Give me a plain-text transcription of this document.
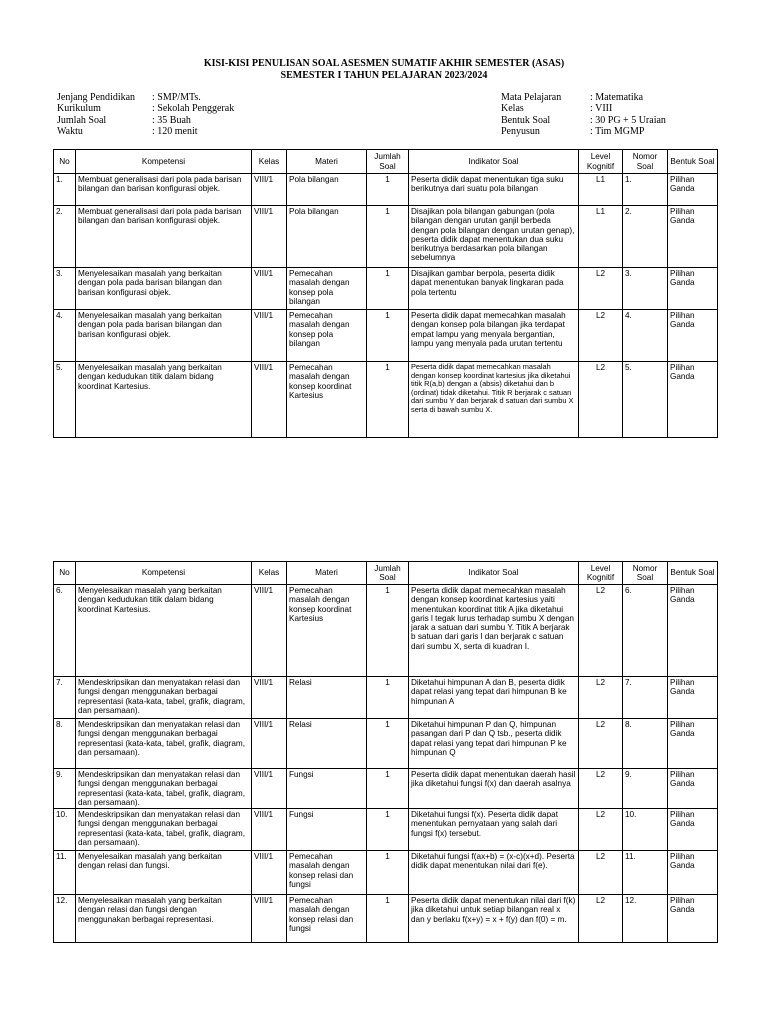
KISI-KISI PENULISAN SOAL ASESMEN SUMATIF AKHIR SEMESTER (ASAS)
SEMESTER I TAHUN PELAJARAN 2023/2024
Jenjang Pendidikan	: SMP/MTs.
Kurikulum	: Sekolah Penggerak
Jumlah Soal	: 35 Buah
Waktu	: 120 menit
Mata Pelajaran	: Matematika
Kelas	: VIII
Bentuk Soal	: 30 PG + 5 Uraian
Penyusun	: Tim MGMP
No	Kompetensi	Kelas	Materi	Jumlah Soal	Indikator Soal	Level Kognitif	Nomor Soal	Bentuk Soal
1.	Membuat generalisasi dari pola pada barisan bilangan dan barisan konfigurasi objek.	VIII/1	Pola bilangan	1	Peserta didik dapat menentukan tiga suku berikutnya dari suatu pola bilangan	L1	1.	Pilihan Ganda
2.	Membuat generalisasi dari pola pada barisan bilangan dan barisan konfigurasi objek.	VIII/1	Pola bilangan	1	Disajikan pola bilangan gabungan (pola bilangan dengan urutan ganjil berbeda dengan pola bilangan dengan urutan genap), peserta didik dapat menentukan dua suku berikutnya berdasarkan pola bilangan sebelumnya	L1	2.	Pilihan Ganda
3.	Menyelesaikan masalah yang berkaitan dengan pola pada barisan bilangan dan barisan konfigurasi objek.	VIII/1	Pemecahan masalah dengan konsep pola bilangan	1	Disajikan gambar berpola, peserta didik dapat menentukan banyak lingkaran pada pola tertentu	L2	3.	Pilihan Ganda
4.	Menyelesaikan masalah yang berkaitan dengan pola pada barisan bilangan dan barisan konfigurasi objek.	VIII/1	Pemecahan masalah dengan konsep pola bilangan	1	Peserta didik dapat memecahkan masalah dengan konsep pola bilangan jika terdapat empat lampu yang menyala bergantian, lampu yang menyala pada urutan tertentu	L2	4.	Pilihan Ganda
5.	Menyelesaikan masalah yang berkaitan dengan kedudukan titik dalam bidang koordinat Kartesius.	VIII/1	Pemecahan masalah dengan konsep koordinat Kartesius	1	Peserta didik dapat memecahkan masalah dengan konsep koordinat kartesius jika diketahui titik R(a,b) dengan a (absis) diketahui dan b (ordinat) tidak diketahui. Titik R berjarak c satuan dari sumbu Y dan berjarak d satuan dari sumbu X serta di bawah sumbu X.	L2	5.	Pilihan Ganda
No	Kompetensi	Kelas	Materi	Jumlah Soal	Indikator Soal	Level Kognitif	Nomor Soal	Bentuk Soal
6.	Menyelesaikan masalah yang berkaitan dengan kedudukan titik dalam bidang koordinat Kartesius.	VIII/1	Pemecahan masalah dengan konsep koordinat Kartesius	1	Peserta didik dapat memecahkan masalah dengan konsep koordinat kartesius yaiti menentukan koordinat titik A jika diketahui garis l tegak lurus terhadap sumbu X dengan jarak a satuan dari sumbu Y. Titik A berjarak b satuan dari garis l dan berjarak c satuan dari sumbu X, serta di kuadran I.	L2	6.	Pilihan Ganda
7.	Mendeskripsikan dan menyatakan relasi dan fungsi dengan menggunakan berbagai representasi (kata-kata, tabel, grafik, diagram, dan persamaan).	VIII/1	Relasi	1	Diketahui himpunan A dan B, peserta didik dapat relasi yang tepat dari himpunan B ke himpunan A	L2	7.	Pilihan Ganda
8.	Mendeskripsikan dan menyatakan relasi dan fungsi dengan menggunakan berbagai representasi (kata-kata, tabel, grafik, diagram, dan persamaan).	VIII/1	Relasi	1	Diketahui himpunan P dan Q, himpunan pasangan dari P dan Q tsb., peserta didik dapat relasi yang tepat dari himpunan P ke himpunan Q	L2	8.	Pilihan Ganda
9.	Mendeskripsikan dan menyatakan relasi dan fungsi dengan menggunakan berbagai representasi (kata-kata, tabel, grafik, diagram, dan persamaan).	VIII/1	Fungsi	1	Peserta didik dapat menentukan daerah hasil jika diketahui fungsi f(x) dan daerah asalnya	L2	9.	Pilihan Ganda
10.	Mendeskripsikan dan menyatakan relasi dan fungsi dengan menggunakan berbagai representasi (kata-kata, tabel, grafik, diagram, dan persamaan).	VIII/1	Fungsi	1	Diketahui fungsi f(x). Peserta didik dapat menentukan pernyataan yang salah dari fungsi f(x) tersebut.	L2	10.	Pilihan Ganda
11.	Menyelesaikan masalah yang berkaitan dengan relasi dan fungsi.	VIII/1	Pemecahan masalah dengan konsep relasi dan fungsi	1	Diketahui fungsi f(ax+b) = (x-c)(x+d). Peserta didik dapat menentukan nilai dari f(e).	L2	11.	Pilihan Ganda
12.	Menyelesaikan masalah yang berkaitan dengan relasi dan fungsi dengan menggunakan berbagai representasi.	VIII/1	Pemecahan masalah dengan konsep relasi dan fungsi	1	Peserta didik dapat menentukan nilai dari f(k) jika diketahui untuk setiap bilangan real x dan y berlaku f(x+y) = x + f(y) dan f(0) = m.	L2	12.	Pilihan Ganda
